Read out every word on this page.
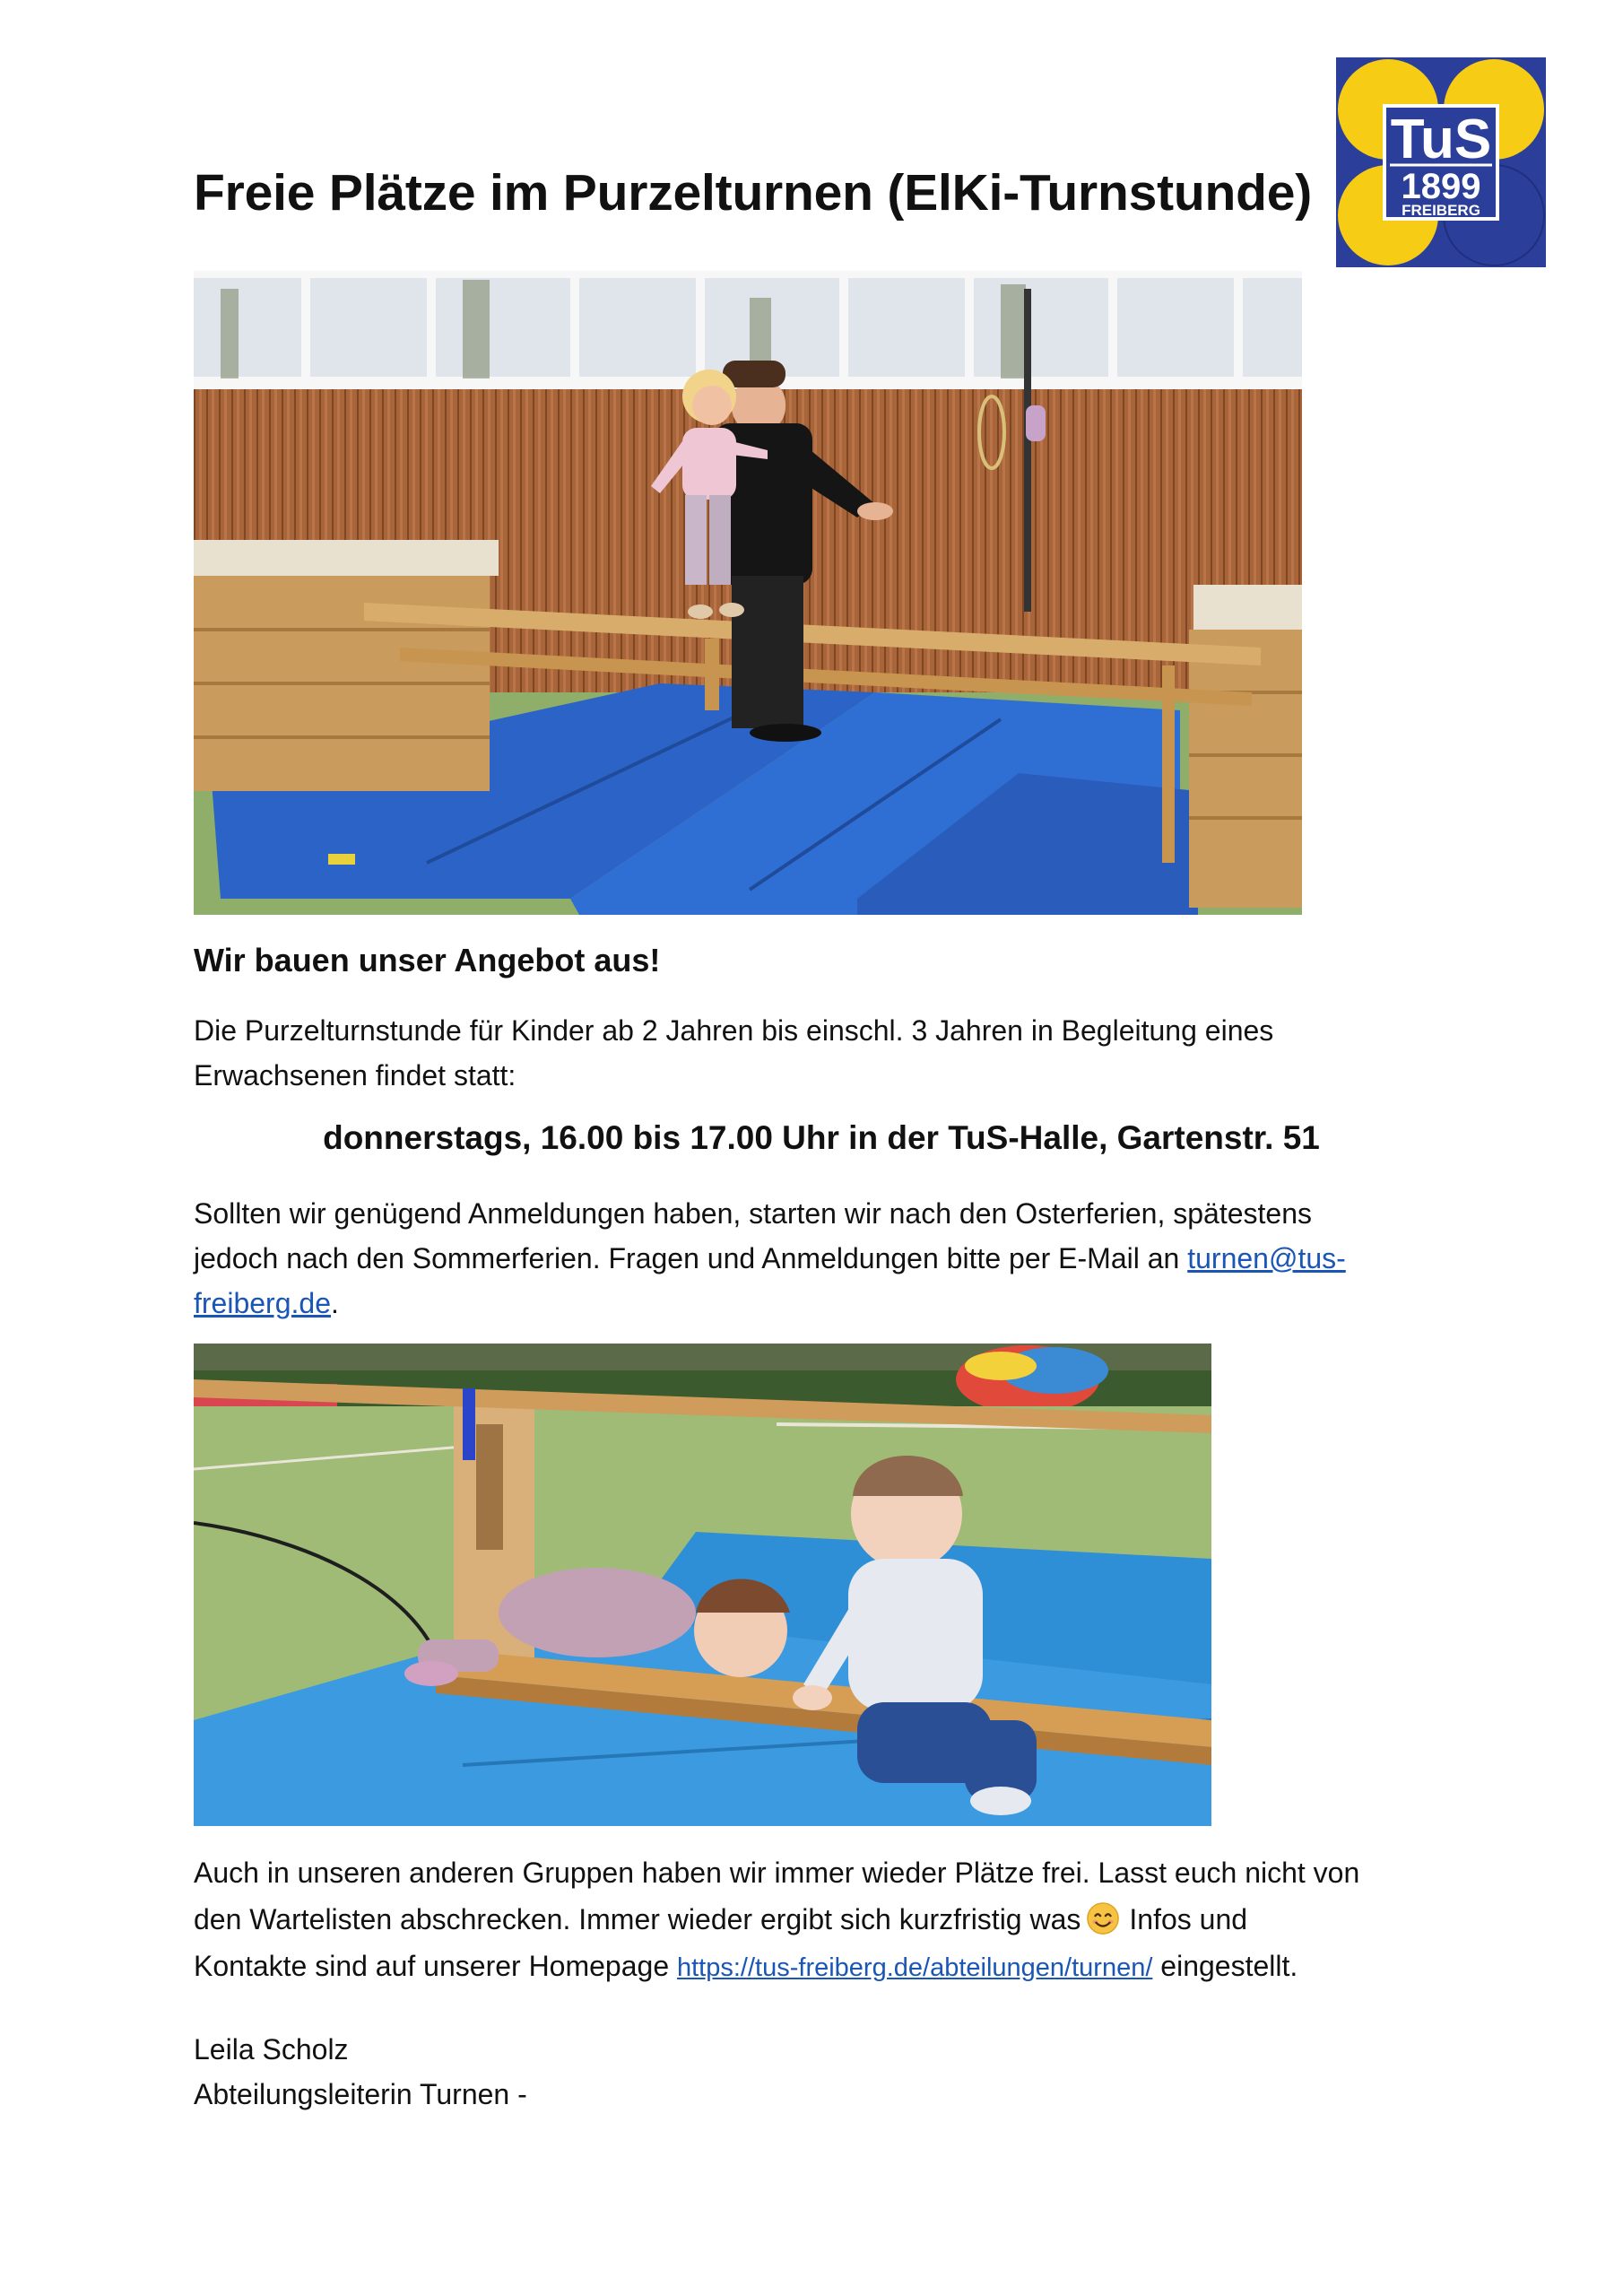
TuS
1899
FREIBERG
Freie Plätze im Purzelturnen (ElKi-Turnstunde)
Wir bauen unser Angebot aus!
Die Purzelturnstunde für Kinder ab 2 Jahren bis einschl. 3 Jahren in Begleitung eines
Erwachsenen findet statt:
donnerstags, 16.00 bis 17.00 Uhr in der TuS-Halle, Gartenstr. 51
Sollten wir genügend Anmeldungen haben, starten wir nach den Osterferien, spätestens
jedoch nach den Sommerferien. Fragen und Anmeldungen bitte per E-Mail an turnen@tus-
freiberg.de.
Auch in unseren anderen Gruppen haben wir immer wieder Plätze frei. Lasst euch nicht von
den Wartelisten abschrecken. Immer wieder ergibt sich kurzfristig was Infos und
Kontakte sind auf unserer Homepage https://tus-freiberg.de/abteilungen/turnen/ eingestellt.
Leila Scholz
Abteilungsleiterin Turnen -
